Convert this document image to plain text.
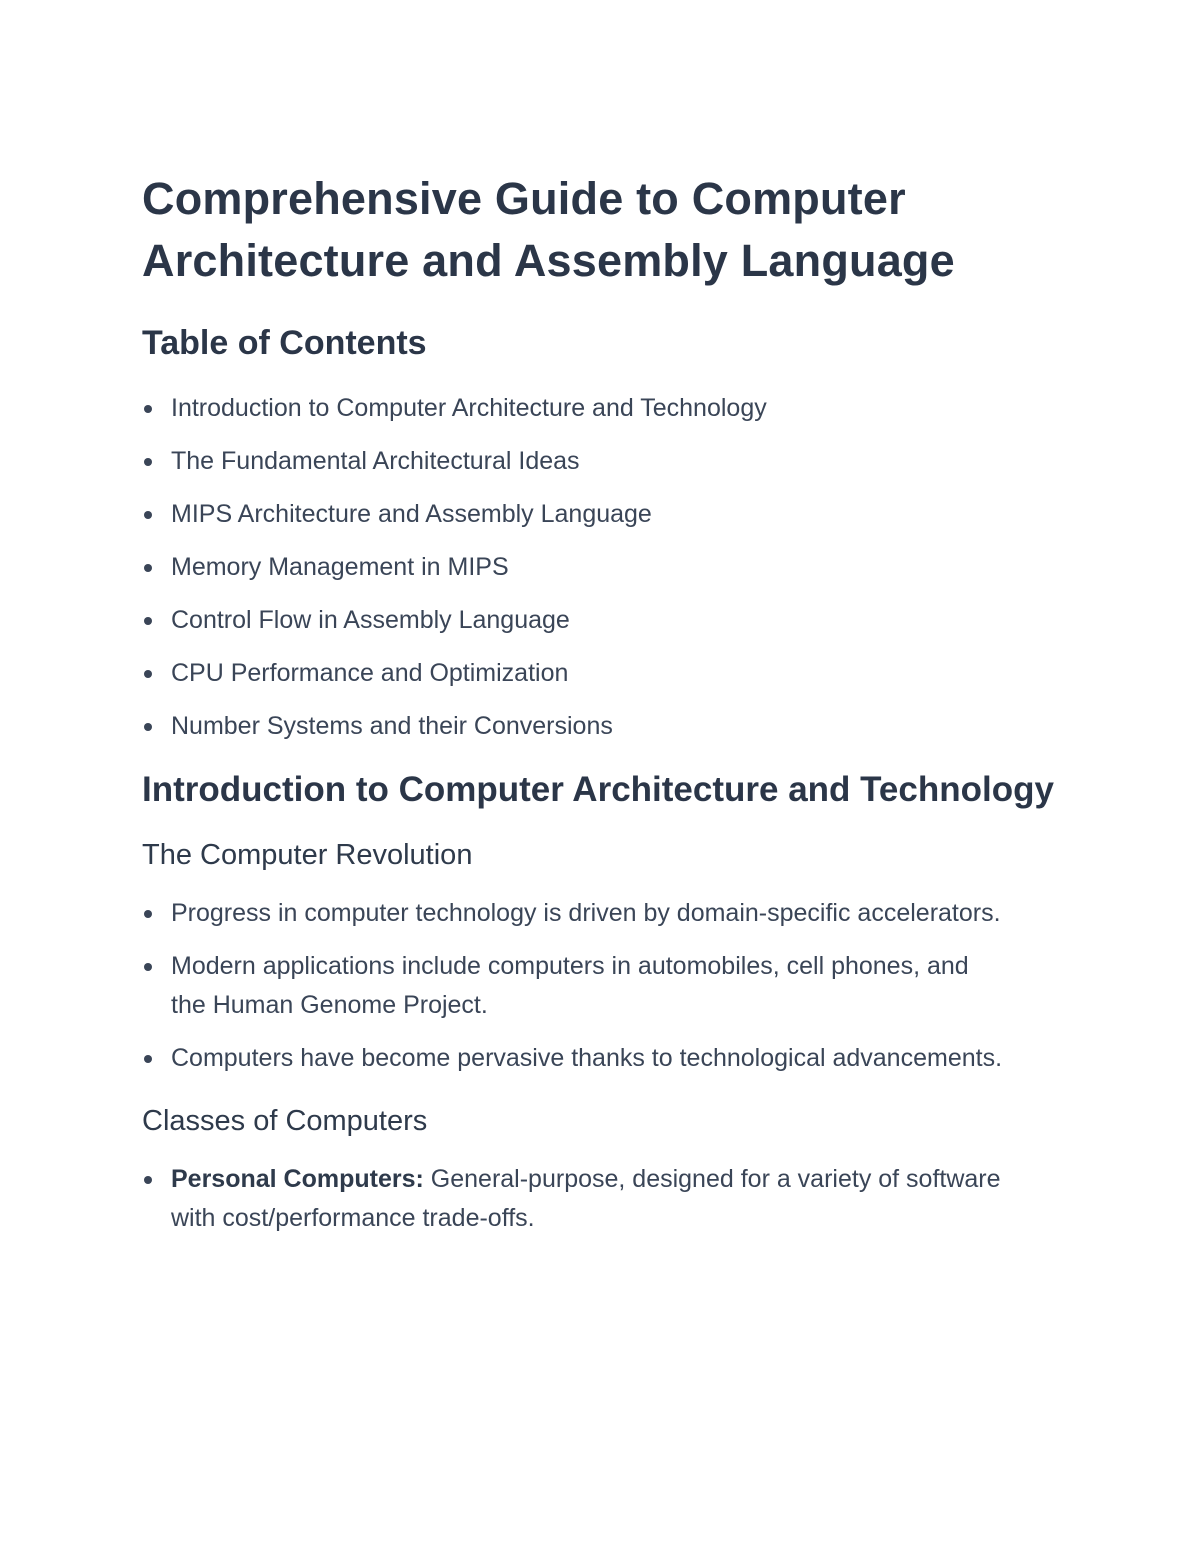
Comprehensive Guide to Computer Architecture and Assembly Language
Table of Contents
Introduction to Computer Architecture and Technology
The Fundamental Architectural Ideas
MIPS Architecture and Assembly Language
Memory Management in MIPS
Control Flow in Assembly Language
CPU Performance and Optimization
Number Systems and their Conversions
Introduction to Computer Architecture and Technology
The Computer Revolution
Progress in computer technology is driven by domain-specific accelerators.
Modern applications include computers in automobiles, cell phones, and the Human Genome Project.
Computers have become pervasive thanks to technological advancements.
Classes of Computers
Personal Computers: General-purpose, designed for a variety of software with cost/performance trade-offs.
